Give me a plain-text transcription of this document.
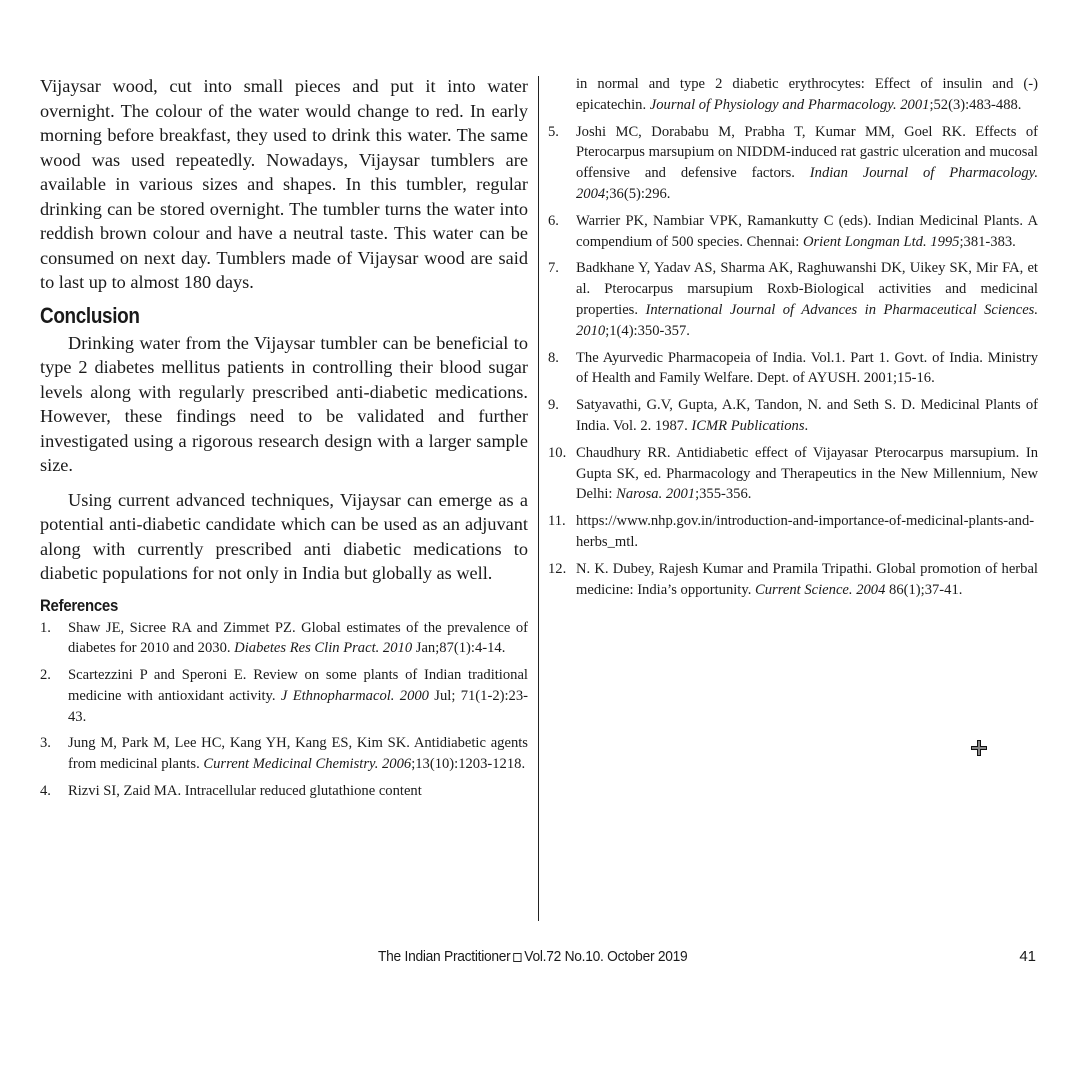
Vijaysar wood, cut into small pieces and put it into water overnight. The colour of the water would change to red. In early morning before breakfast, they used to drink this water. The same wood was used repeatedly. Nowadays, Vijaysar tumblers are available in various sizes and shapes. In this tumbler, regular drinking can be stored overnight. The tumbler turns the water into reddish brown colour and have a neutral taste. This water can be consumed on next day. Tumblers made of Vijaysar wood are said to last up to almost 180 days.

Conclusion

Drinking water from the Vijaysar tumbler can be beneficial to type 2 diabetes mellitus patients in controlling their blood sugar levels along with regularly prescribed anti-diabetic medications. However, these findings need to be validated and further investigated using a rigorous research design with a larger sample size.

Using current advanced techniques, Vijaysar can emerge as a potential anti-diabetic candidate which can be used as an adjuvant along with currently prescribed anti diabetic medications to diabetic populations for not only in India but globally as well.

References
1. Shaw JE, Sicree RA and Zimmet PZ. Global estimates of the prevalence of diabetes for 2010 and 2030. Diabetes Res Clin Pract. 2010 Jan;87(1):4-14.
2. Scartezzini P and Speroni E. Review on some plants of Indian traditional medicine with antioxidant activity. J Ethnopharmacol. 2000 Jul; 71(1-2):23-43.
3. Jung M, Park M, Lee HC, Kang YH, Kang ES, Kim SK. Antidiabetic agents from medicinal plants. Current Medicinal Chemistry. 2006;13(10):1203-1218.
4. Rizvi SI, Zaid MA. Intracellular reduced glutathione content
in normal and type 2 diabetic erythrocytes: Effect of insulin and (-) epicatechin. Journal of Physiology and Pharmacology. 2001;52(3):483-488.
5. Joshi MC, Dorababu M, Prabha T, Kumar MM, Goel RK. Effects of Pterocarpus marsupium on NIDDM-induced rat gastric ulceration and mucosal offensive and defensive factors. Indian Journal of Pharmacology. 2004;36(5):296.
6. Warrier PK, Nambiar VPK, Ramankutty C (eds). Indian Medicinal Plants. A compendium of 500 species. Chennai: Orient Longman Ltd. 1995;381-383.
7. Badkhane Y, Yadav AS, Sharma AK, Raghuwanshi DK, Uikey SK, Mir FA, et al. Pterocarpus marsupium Roxb-Biological activities and medicinal properties. International Journal of Advances in Pharmaceutical Sciences. 2010;1(4):350-357.
8. The Ayurvedic Pharmacopeia of India. Vol.1. Part 1. Govt. of India. Ministry of Health and Family Welfare. Dept. of AYUSH. 2001;15-16.
9. Satyavathi, G.V, Gupta, A.K, Tandon, N. and Seth S. D. Medicinal Plants of India. Vol. 2. 1987. ICMR Publications.
10. Chaudhury RR. Antidiabetic effect of Vijayasar Pterocarpus marsupium. In Gupta SK, ed. Pharmacology and Therapeutics in the New Millennium, New Delhi: Narosa. 2001;355-356.
11. https://www.nhp.gov.in/introduction-and-importance-of-medicinal-plants-and-herbs_mtl.
12. N. K. Dubey, Rajesh Kumar and Pramila Tripathi. Global promotion of herbal medicine: India’s opportunity. Current Science. 2004 86(1);37-41.
The Indian Practitioner Vol.72 No.10. October 2019	41
